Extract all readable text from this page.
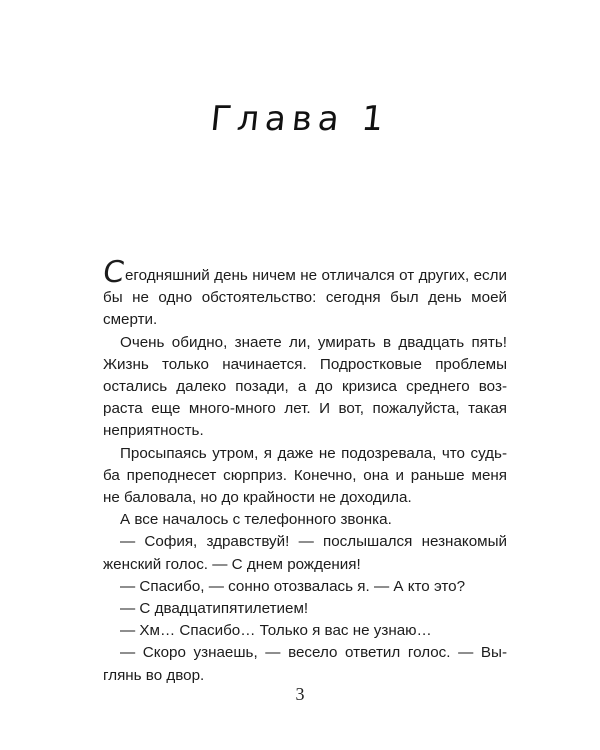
Глава 1

Сегодняшний день ничем не отличался от других, если бы не одно обстоятельство: сегодня был день моей смерти.

Очень обидно, знаете ли, умирать в двадцать пять! Жизнь только начинается. Подростковые проблемы остались далеко позади, а до кризиса среднего возраста еще много-много лет. И вот, пожалуйста, такая неприятность.

Просыпаясь утром, я даже не подозревала, что судьба преподнесет сюрприз. Конечно, она и раньше меня не баловала, но до крайности не доходила.

А все началось с телефонного звонка.

— София, здравствуй! — послышался незнакомый женский голос. — С днем рождения!

— Спасибо, — сонно отозвалась я. — А кто это?

— С двадцатипятилетием!

— Хм… Спасибо… Только я вас не узнаю…

— Скоро узнаешь, — весело ответил голос. — Выглянь во двор.

3
